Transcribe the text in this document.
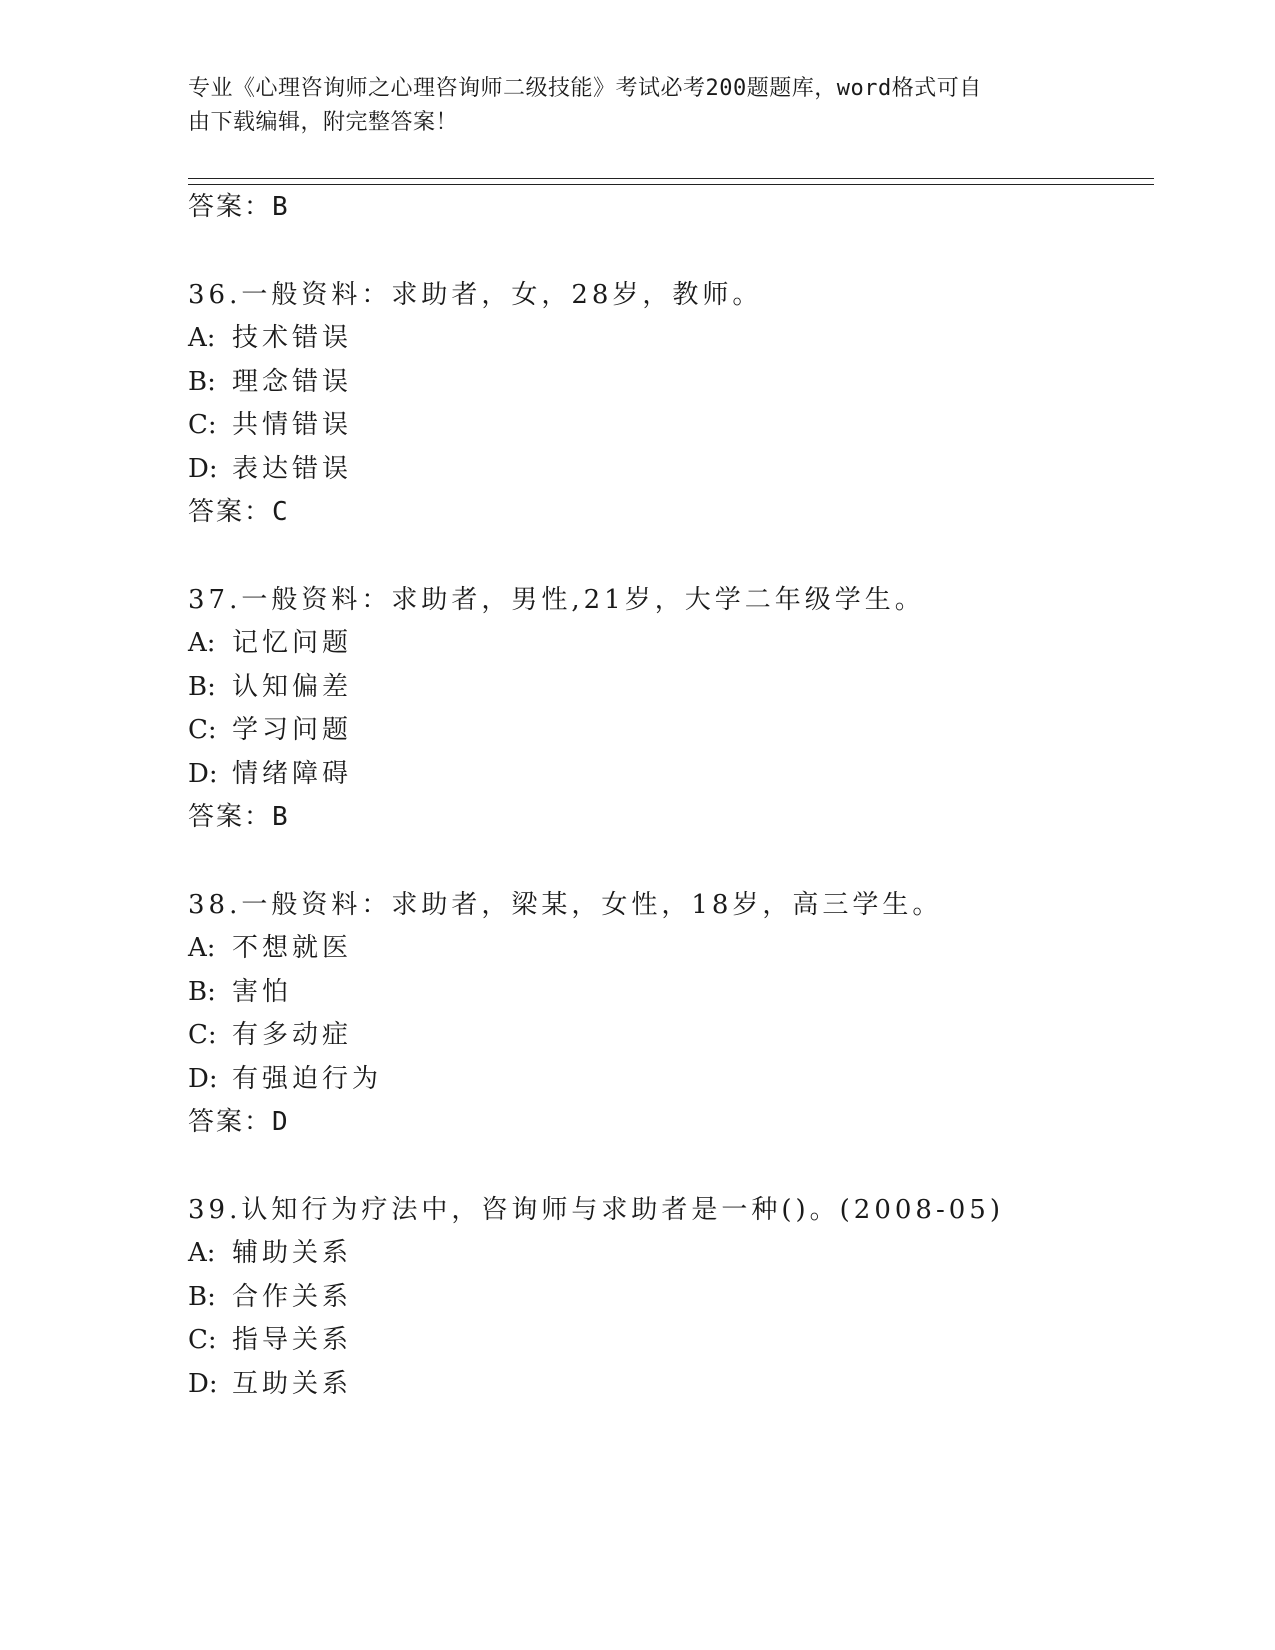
专业《心理咨询师之心理咨询师二级技能》考试必考200题题库，word格式可自
由下载编辑，附完整答案！
答案：B
36.一般资料：求助者，女，28岁，教师。
A: 技术错误
B: 理念错误
C: 共情错误
D: 表达错误
答案：C
37.一般资料：求助者，男性,21岁，大学二年级学生。
A: 记忆问题
B: 认知偏差
C: 学习问题
D: 情绪障碍
答案：B
38.一般资料：求助者，梁某，女性，18岁，高三学生。
A: 不想就医
B: 害怕
C: 有多动症
D: 有强迫行为
答案：D
39.认知行为疗法中，咨询师与求助者是一种()。(2008-05)
A: 辅助关系
B: 合作关系
C: 指导关系
D: 互助关系
